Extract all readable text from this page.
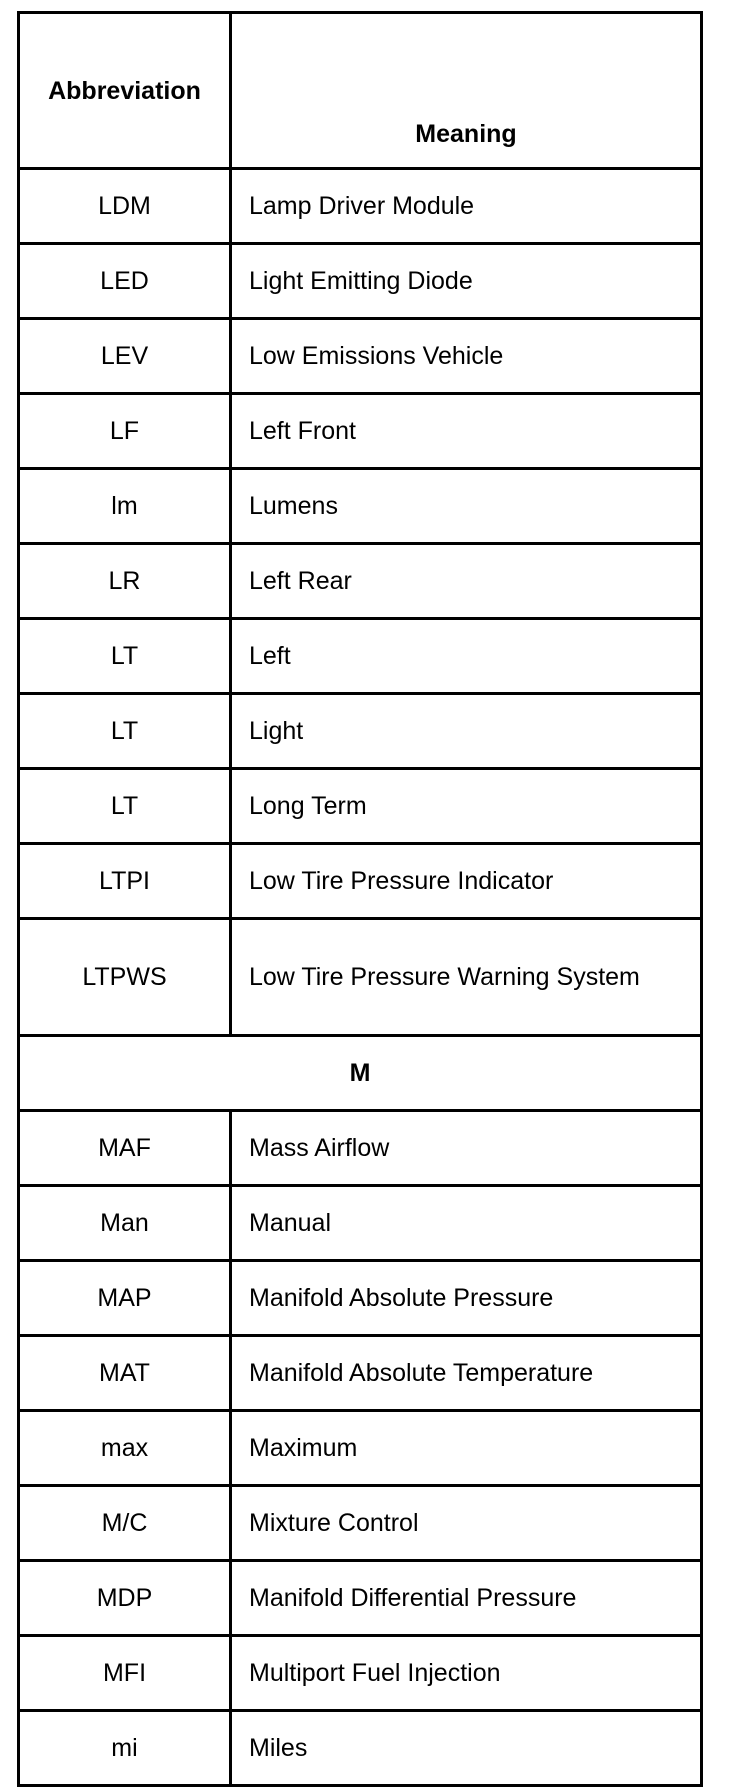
Abbreviation	Meaning
LDM	Lamp Driver Module
LED	Light Emitting Diode
LEV	Low Emissions Vehicle
LF	Left Front
lm	Lumens
LR	Left Rear
LT	Left
LT	Light
LT	Long Term
LTPI	Low Tire Pressure Indicator
LTPWS	Low Tire Pressure Warning System
M	
MAF	Mass Airflow
Man	Manual
MAP	Manifold Absolute Pressure
MAT	Manifold Absolute Temperature
max	Maximum
M/C	Mixture Control
MDP	Manifold Differential Pressure
MFI	Multiport Fuel Injection
mi	Miles
